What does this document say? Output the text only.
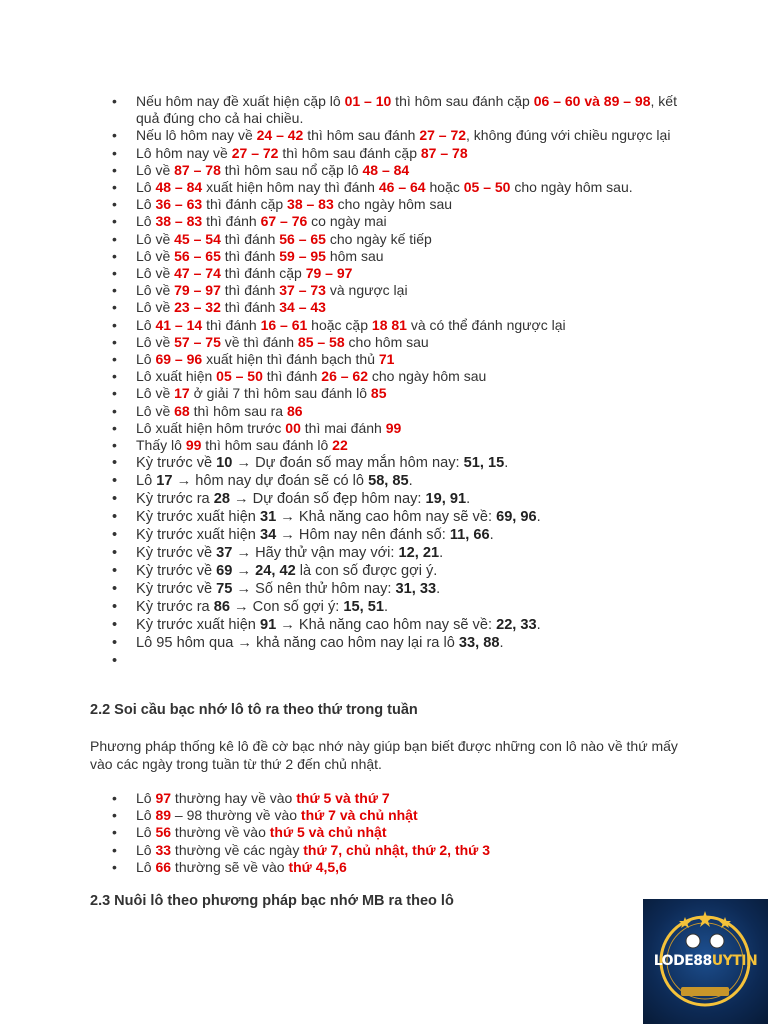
• Nếu hôm nay đề xuất hiện cặp lô 01 – 10 thì hôm sau đánh cặp 06 – 60 và 89 – 98, kết quả đúng cho cả hai chiều.
• Nếu lô hôm nay về 24 – 42 thì hôm sau đánh 27 – 72, không đúng với chiều ngược lại
• Lô hôm nay về 27 – 72 thì hôm sau đánh cặp 87 – 78
• Lô về 87 – 78 thì hôm sau nổ cặp lô 48 – 84
• Lô 48 – 84 xuất hiện hôm nay thì đánh 46 – 64 hoặc 05 – 50 cho ngày hôm sau.
• Lô 36 – 63 thì đánh cặp 38 – 83 cho ngày hôm sau
• Lô 38 – 83 thì đánh 67 – 76 co ngày mai
• Lô về 45 – 54 thì đánh 56 – 65 cho ngày kế tiếp
• Lô về 56 – 65 thì đánh 59 – 95 hôm sau
• Lô về 47 – 74 thì đánh cặp 79 – 97
• Lô về 79 – 97 thì đánh 37 – 73 và ngược lại
• Lô về 23 – 32 thì đánh 34 – 43
• Lô 41 – 14 thì đánh 16 – 61 hoặc cặp 18 81 và có thể đánh ngược lại
• Lô về 57 – 75 về thì đánh 85 – 58 cho hôm sau
• Lô 69 – 96 xuất hiện thì đánh bạch thủ 71
• Lô xuất hiện 05 – 50 thì đánh 26 – 62 cho ngày hôm sau
• Lô về 17 ở giải 7 thì hôm sau đánh lô 85
• Lô về 68 thì hôm sau ra 86
• Lô xuất hiện hôm trước 00 thì mai đánh 99
• Thấy lô 99 thì hôm sau đánh lô 22
• Kỳ trước về 10 → Dự đoán số may mắn hôm nay: 51, 15.
• Lô 17 → hôm nay dự đoán sẽ có lô 58, 85.
• Kỳ trước ra 28 → Dự đoán số đẹp hôm nay: 19, 91.
• Kỳ trước xuất hiện 31 → Khả năng cao hôm nay sẽ về: 69, 96.
• Kỳ trước xuất hiện 34 → Hôm nay nên đánh số: 11, 66.
• Kỳ trước về 37 → Hãy thử vận may với: 12, 21.
• Kỳ trước về 69 → 24, 42 là con số được gợi ý.
• Kỳ trước về 75 → Số nên thử hôm nay: 31, 33.
• Kỳ trước ra 86 → Con số gợi ý: 15, 51.
• Kỳ trước xuất hiện 91 → Khả năng cao hôm nay sẽ về: 22, 33.
• Lô 95 hôm qua → khả năng cao hôm nay lại ra lô 33, 88.
•
2.2 Soi cầu bạc nhớ lô tô ra theo thứ trong tuần

Phương pháp thống kê lô đề cờ bạc nhớ này giúp bạn biết được những con lô nào về thứ mấy vào các ngày trong tuần từ thứ 2 đến chủ nhật.

• Lô 97 thường hay về vào thứ 5 và thứ 7
• Lô 89 – 98 thường về vào thứ 7 và chủ nhật
• Lô 56 thường về vào thứ 5 và chủ nhật
• Lô 33 thường về các ngày thứ 7, chủ nhật, thứ 2, thứ 3
• Lô 66 thường sẽ về vào thứ 4,5,6
2.3 Nuôi lô theo phương pháp bạc nhớ MB ra theo lô
LODE88UYTIN
